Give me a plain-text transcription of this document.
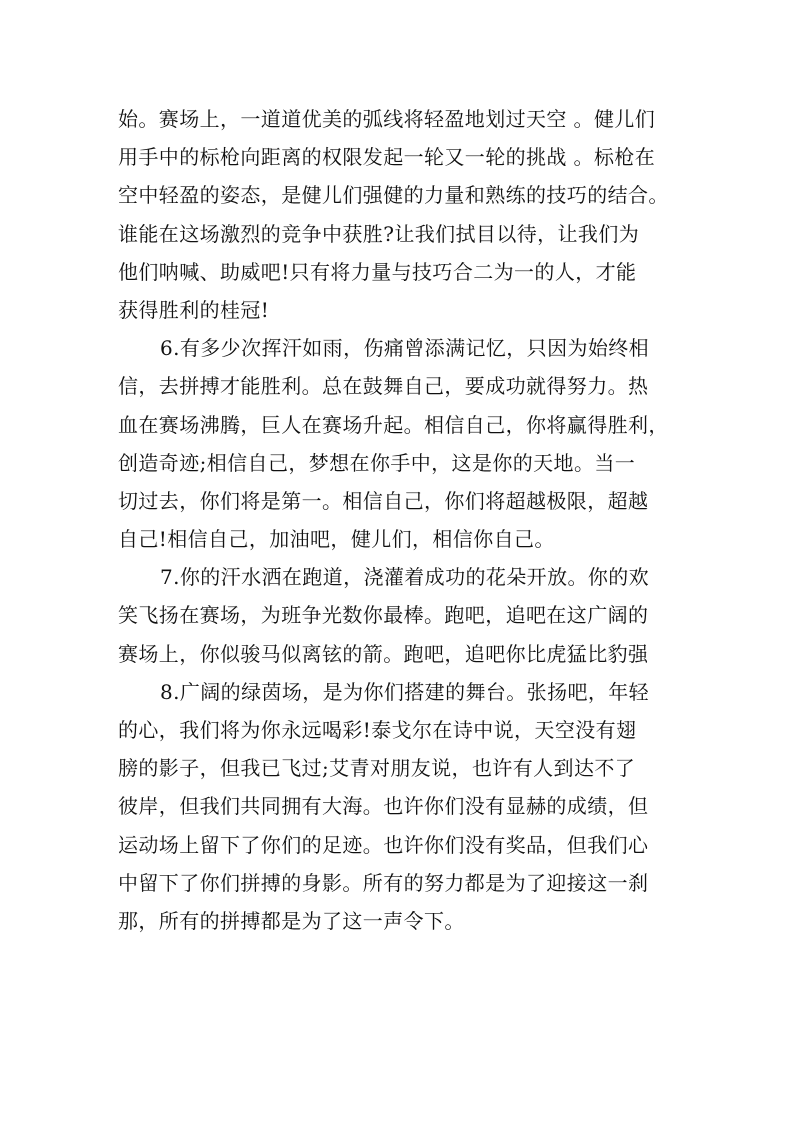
始。赛场上，一道道优美的弧线将轻盈地划过天空 。健儿们
用手中的标枪向距离的权限发起一轮又一轮的挑战 。标枪在
空中轻盈的姿态，是健儿们强健的力量和熟练的技巧的结合。
谁能在这场激烈的竞争中获胜?让我们拭目以待，让我们为
他们呐喊、助威吧!只有将力量与技巧合二为一的人，才能
获得胜利的桂冠!
6.有多少次挥汗如雨，伤痛曾添满记忆，只因为始终相
信，去拼搏才能胜利。总在鼓舞自己，要成功就得努力。热
血在赛场沸腾，巨人在赛场升起。相信自己，你将赢得胜利，
创造奇迹;相信自己，梦想在你手中，这是你的天地。当一
切过去，你们将是第一。相信自己，你们将超越极限，超越
自己!相信自己，加油吧，健儿们，相信你自己。
7.你的汗水洒在跑道，浇灌着成功的花朵开放。你的欢
笑飞扬在赛场，为班争光数你最棒。跑吧，追吧在这广阔的
赛场上，你似骏马似离铉的箭。跑吧，追吧你比虎猛比豹强
8.广阔的绿茵场，是为你们搭建的舞台。张扬吧，年轻
的心，我们将为你永远喝彩!泰戈尔在诗中说，天空没有翅
膀的影子，但我已飞过;艾青对朋友说，也许有人到达不了
彼岸，但我们共同拥有大海。也许你们没有显赫的成绩，但
运动场上留下了你们的足迹。也许你们没有奖品，但我们心
中留下了你们拼搏的身影。所有的努力都是为了迎接这一刹
那，所有的拼搏都是为了这一声令下。
